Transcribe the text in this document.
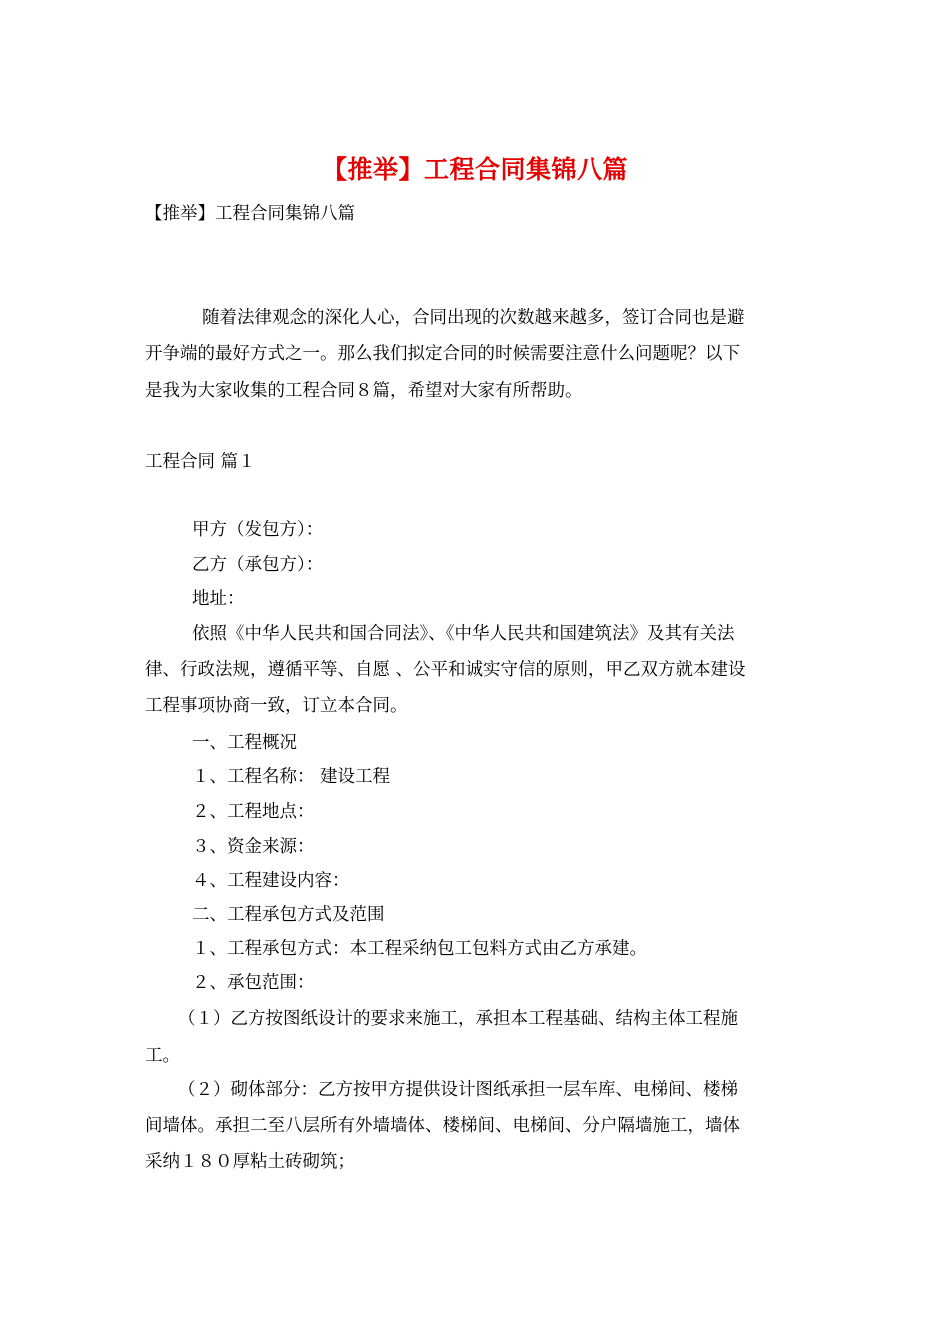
【推举】工程合同集锦八篇
【推举】工程合同集锦八篇
随着法律观念的深化人心，合同出现的次数越来越多，签订合同也是避
开争端的最好方式之一。那么我们拟定合同的时候需要注意什么问题呢？以下
是我为大家收集的工程合同８篇，希望对大家有所帮助。
工程合同 篇１
甲方（发包方）：
乙方（承包方）：
地址：
依照《中华人民共和国合同法》、《中华人民共和国建筑法》及其有关法
律、行政法规，遵循平等、自愿 、公平和诚实守信的原则，甲乙双方就本建设
工程事项协商一致，订立本合同。
一、工程概况
１、工程名称： 建设工程
２、工程地点：
３、资金来源：
４、工程建设内容：
二、工程承包方式及范围
１、工程承包方式：本工程采纳包工包料方式由乙方承建。
２、承包范围：
（１）乙方按图纸设计的要求来施工，承担本工程基础、结构主体工程施
工。
（２）砌体部分：乙方按甲方提供设计图纸承担一层车库、电梯间、楼梯
间墙体。承担二至八层所有外墙墙体、楼梯间、电梯间、分户隔墙施工，墙体
采纳１８０厚粘土砖砌筑；
